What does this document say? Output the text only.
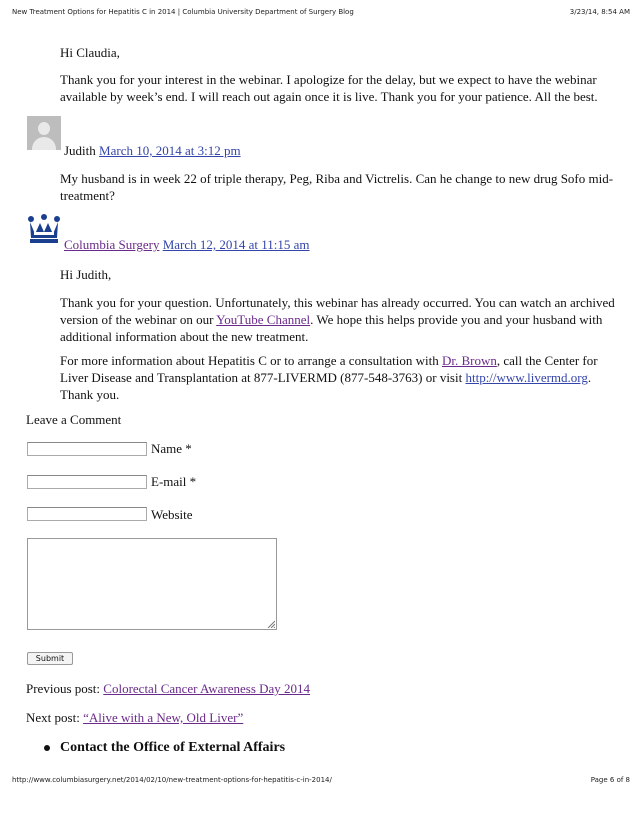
New Treatment Options for Hepatitis C in 2014 | Columbia University Department of Surgery Blog	3/23/14, 8:54 AM

Hi Claudia,

Thank you for your interest in the webinar. I apologize for the delay, but we expect to have the webinar available by week’s end. I will reach out again once it is live. Thank you for your patience. All the best.

Judith March 10, 2014 at 3:12 pm

My husband is in week 22 of triple therapy, Peg, Riba and Victrelis. Can he change to new drug Sofo mid-treatment?

Columbia Surgery March 12, 2014 at 11:15 am

Hi Judith,

Thank you for your question. Unfortunately, this webinar has already occurred. You can watch an archived version of the webinar on our YouTube Channel. We hope this helps provide you and your husband with additional information about the new treatment.

For more information about Hepatitis C or to arrange a consultation with Dr. Brown, call the Center for Liver Disease and Transplantation at 877-LIVERMD (877-548-3763) or visit http://www.livermd.org.
Thank you.

Leave a Comment

Name *
E-mail *
Website
Submit

Previous post: Colorectal Cancer Awareness Day 2014

Next post: “Alive with a New, Old Liver”

Contact the Office of External Affairs
http://www.columbiasurgery.net/2014/02/10/new-treatment-options-for-hepatitis-c-in-2014/	Page 6 of 8
